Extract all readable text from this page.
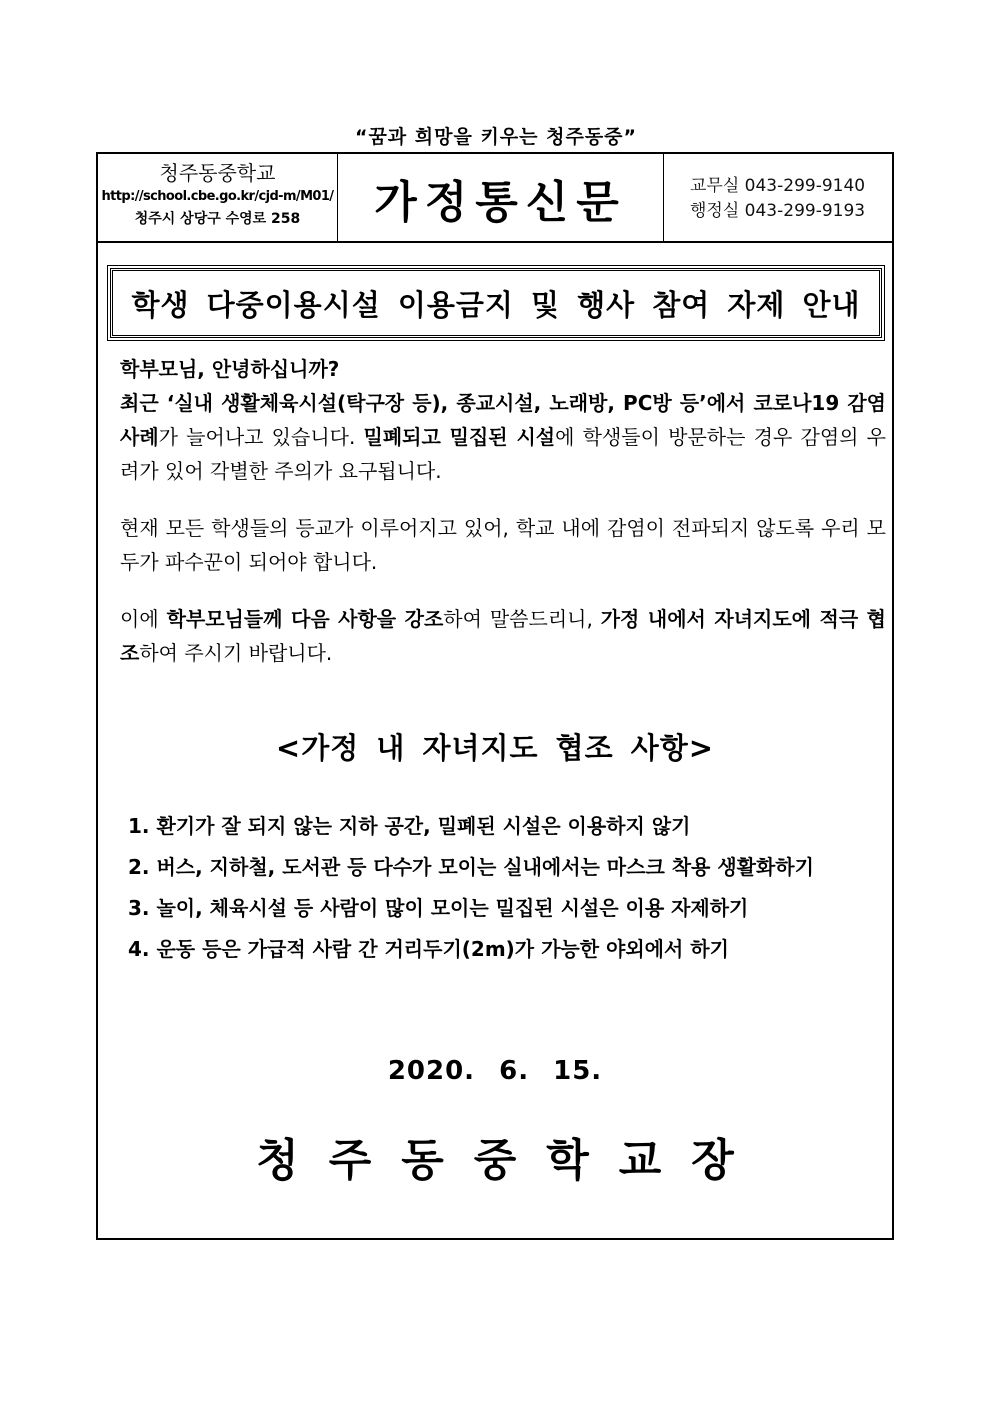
“꿈과 희망을 키우는 청주동중”
청주동중학교
http://school.cbe.go.kr/cjd-m/M01/
청주시 상당구 수영로 258	가정통신문	교무실 043-299-9140
행정실 043-299-9193
학생 다중이용시설 이용금지 및 행사 참여 자제 안내

학부모님, 안녕하십니까?

최근 ‘실내 생활체육시설(탁구장 등), 종교시설, 노래방, PC방 등’에서 코로나19 감염사례가 늘어나고 있습니다. 밀폐되고 밀집된 시설에 학생들이 방문하는 경우 감염의 우려가 있어 각별한 주의가 요구됩니다.

현재 모든 학생들의 등교가 이루어지고 있어, 학교 내에 감염이 전파되지 않도록 우리 모두가 파수꾼이 되어야 합니다.

이에 학부모님들께 다음 사항을 강조하여 말씀드리니, 가정 내에서 자녀지도에 적극 협조하여 주시기 바랍니다.

<가정 내 자녀지도 협조 사항>
1. 환기가 잘 되지 않는 지하 공간, 밀폐된 시설은 이용하지 않기
2. 버스, 지하철, 도서관 등 다수가 모이는 실내에서는 마스크 착용 생활화하기
3. 놀이, 체육시설 등 사람이 많이 모이는 밀집된 시설은 이용 자제하기
4. 운동 등은 가급적 사람 간 거리두기(2m)가 가능한 야외에서 하기
2020. 6. 15.
청주동중학교장
